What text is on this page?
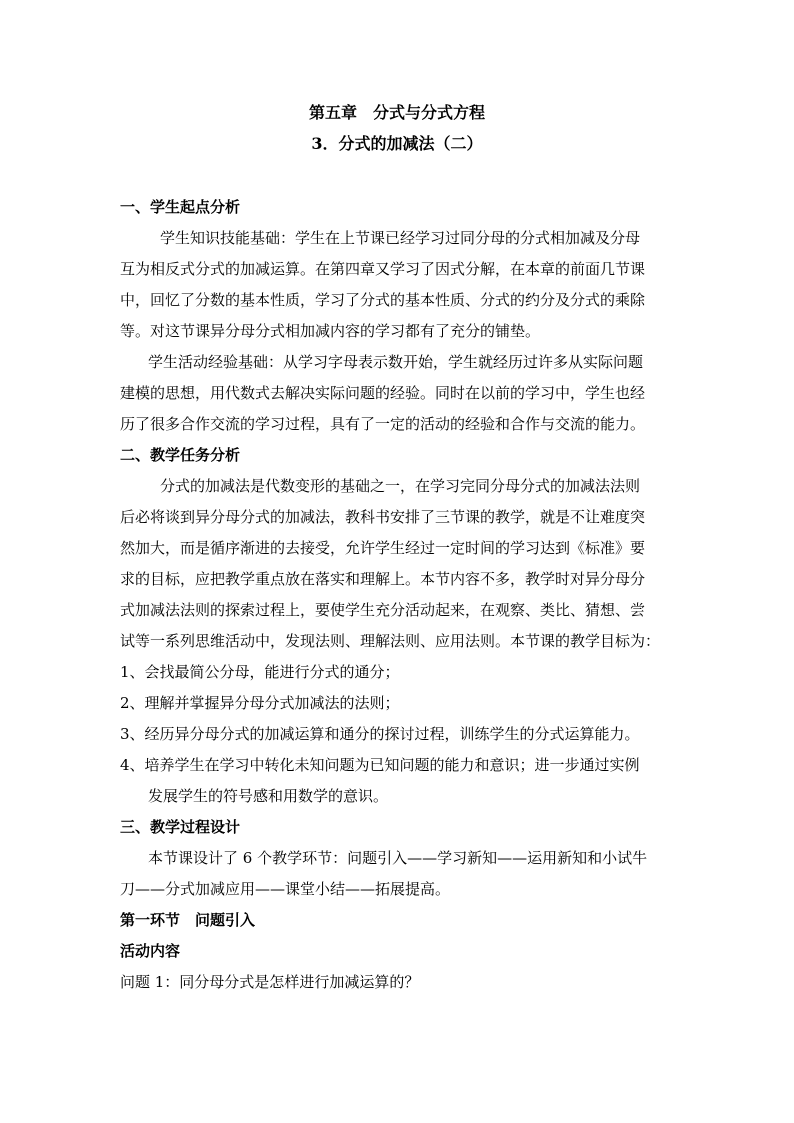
第五章　分式与分式方程
3．分式的加减法（二）
一、学生起点分析
学生知识技能基础：学生在上节课已经学习过同分母的分式相加减及分母
互为相反式分式的加减运算。在第四章又学习了因式分解，在本章的前面几节课
中，回忆了分数的基本性质，学习了分式的基本性质、分式的约分及分式的乘除
等。对这节课异分母分式相加减内容的学习都有了充分的铺垫。
学生活动经验基础：从学习字母表示数开始，学生就经历过许多从实际问题
建模的思想，用代数式去解决实际问题的经验。同时在以前的学习中，学生也经
历了很多合作交流的学习过程，具有了一定的活动的经验和合作与交流的能力。
二、教学任务分析
分式的加减法是代数变形的基础之一，在学习完同分母分式的加减法法则
后必将谈到异分母分式的加减法，教科书安排了三节课的教学，就是不让难度突
然加大，而是循序渐进的去接受，允许学生经过一定时间的学习达到《标准》要
求的目标，应把教学重点放在落实和理解上。本节内容不多，教学时对异分母分
式加减法法则的探索过程上，要使学生充分活动起来，在观察、类比、猜想、尝
试等一系列思维活动中，发现法则、理解法则、应用法则。本节课的教学目标为：
1、会找最简公分母，能进行分式的通分；
2、理解并掌握异分母分式加减法的法则；
3、经历异分母分式的加减运算和通分的探讨过程，训练学生的分式运算能力。
4、培养学生在学习中转化未知问题为已知问题的能力和意识；进一步通过实例
发展学生的符号感和用数学的意识。
三、教学过程设计
本节课设计了 6 个教学环节：问题引入——学习新知——运用新知和小试牛
刀——分式加减应用——课堂小结——拓展提高。
第一环节　问题引入
活动内容
问题 1：同分母分式是怎样进行加减运算的？
